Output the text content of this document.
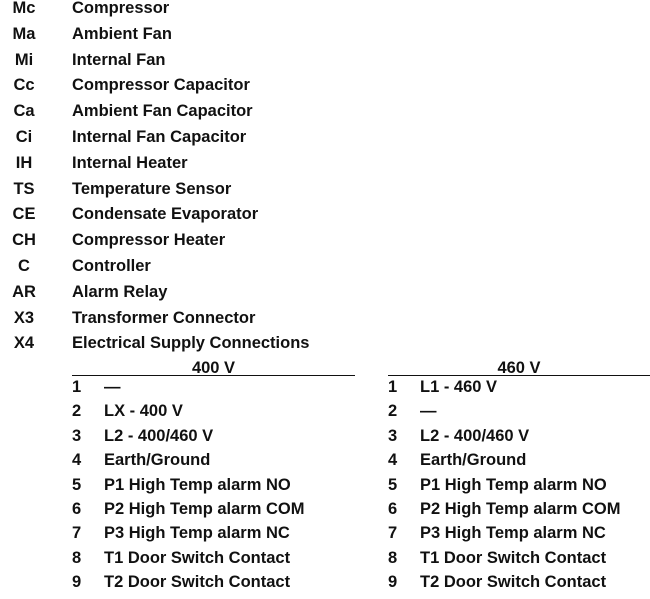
Mc	Compressor
Ma	Ambient Fan
Mi	Internal Fan
Cc	Compressor Capacitor
Ca	Ambient Fan Capacitor
Ci	Internal Fan Capacitor
IH	Internal Heater
TS	Temperature Sensor
CE	Condensate Evaporator
CH	Compressor Heater
C	Controller
AR	Alarm Relay
X3	Transformer Connector
X4	Electrical Supply Connections
400 V
1 —
2 LX - 400 V
3 L2 - 400/460 V
4 Earth/Ground
5 P1 High Temp alarm NO
6 P2 High Temp alarm COM
7 P3 High Temp alarm NC
8 T1 Door Switch Contact
9 T2 Door Switch Contact
460 V
1 L1 - 460 V
2 —
3 L2 - 400/460 V
4 Earth/Ground
5 P1 High Temp alarm NO
6 P2 High Temp alarm COM
7 P3 High Temp alarm NC
8 T1 Door Switch Contact
9 T2 Door Switch Contact
